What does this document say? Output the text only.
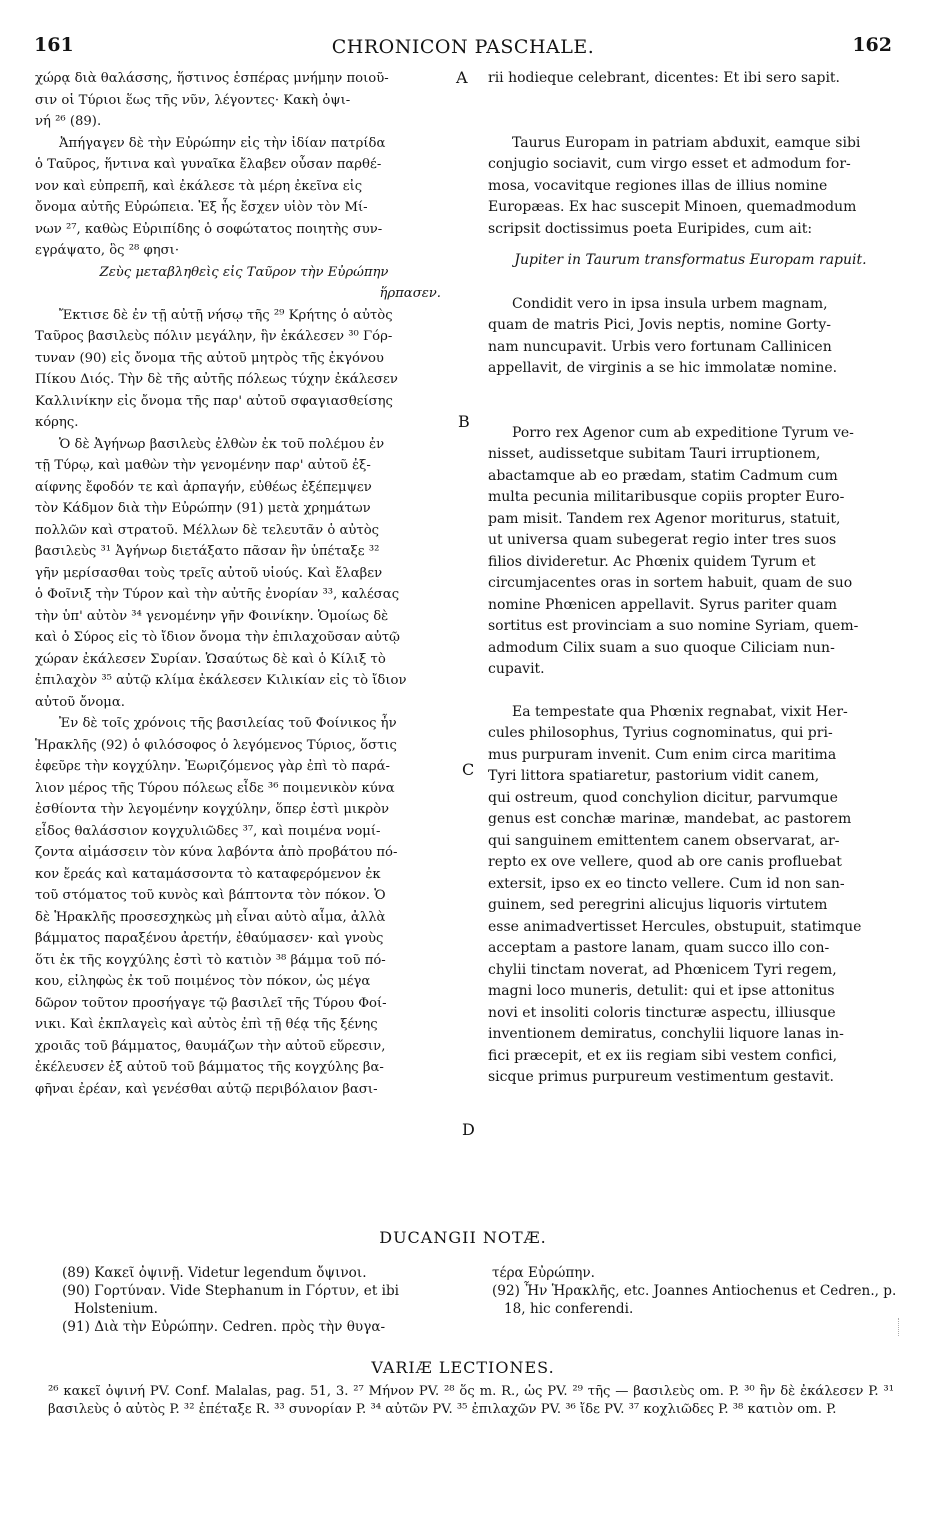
161	CHRONICON PASCHALE.	162

χώρᾳ διὰ θαλάσσης, ἥστινος ἑσπέρας μνήμην ποιοῦ-

σιν οἱ Τύριοι ἕως τῆς νῦν, λέγοντες· Κακὴ ὀψι-

νή ²⁶ (89).

Ἀπήγαγεν δὲ τὴν Εὐρώπην εἰς τὴν ἰδίαν πατρίδα

ὁ Ταῦρος, ἥντινα καὶ γυναῖκα ἔλαβεν οὖσαν παρθέ-

νον καὶ εὐπρεπῆ, καὶ ἐκάλεσε τὰ μέρη ἐκεῖνα εἰς

ὄνομα αὐτῆς Εὐρώπεια. Ἐξ ἧς ἔσχεν υἱὸν τὸν Μί-

νων ²⁷, καθὼς Εὐριπίδης ὁ σοφώτατος ποιητὴς συν-

εγράψατο, ὃς ²⁸ φησι·

Ζεὺς μεταβληθεὶς εἰς Ταῦρον τὴν Εὐρώπην

ἥρπασεν.

Ἔκτισε δὲ ἐν τῇ αὐτῇ νήσῳ τῆς ²⁹ Κρήτης ὁ αὐτὸς

Ταῦρος βασιλεὺς πόλιν μεγάλην, ἣν ἐκάλεσεν ³⁰ Γόρ-

τυναν (90) εἰς ὄνομα τῆς αὐτοῦ μητρὸς τῆς ἐκγόνου

Πίκου Διός. Τὴν δὲ τῆς αὐτῆς πόλεως τύχην ἐκάλεσεν

Καλλινίκην εἰς ὄνομα τῆς παρ' αὐτοῦ σφαγιασθείσης

κόρης.

Ὁ δὲ Ἀγήνωρ βασιλεὺς ἐλθὼν ἐκ τοῦ πολέμου ἐν

τῇ Τύρῳ, καὶ μαθὼν τὴν γενομένην παρ' αὐτοῦ ἐξ-

αίφνης ἔφοδόν τε καὶ ἁρπαγήν, εὐθέως ἐξέπεμψεν

τὸν Κάδμον διὰ τὴν Εὐρώπην (91) μετὰ χρημάτων

πολλῶν καὶ στρατοῦ. Μέλλων δὲ τελευτᾶν ὁ αὐτὸς

βασιλεὺς ³¹ Ἀγήνωρ διετάξατο πᾶσαν ἣν ὑπέταξε ³²

γῆν μερίσασθαι τοὺς τρεῖς αὐτοῦ υἱούς. Καὶ ἔλαβεν

ὁ Φοῖνιξ τὴν Τύρον καὶ τὴν αὐτῆς ἐνορίαν ³³, καλέσας

τὴν ὑπ' αὐτὸν ³⁴ γενομένην γῆν Φοινίκην. Ὁμοίως δὲ

καὶ ὁ Σύρος εἰς τὸ ἴδιον ὄνομα τὴν ἐπιλαχοῦσαν αὐτῷ

χώραν ἐκάλεσεν Συρίαν. Ὡσαύτως δὲ καὶ ὁ Κίλιξ τὸ

ἐπιλαχὸν ³⁵ αὐτῷ κλίμα ἐκάλεσεν Κιλικίαν εἰς τὸ ἴδιον

αὐτοῦ ὄνομα.

Ἐν δὲ τοῖς χρόνοις τῆς βασιλείας τοῦ Φοίνικος ἦν

Ἡρακλῆς (92) ὁ φιλόσοφος ὁ λεγόμενος Τύριος, ὅστις

ἐφεῦρε τὴν κογχύλην. Ἐωριζόμενος γὰρ ἐπὶ τὸ παρά-

λιον μέρος τῆς Τύρου πόλεως εἶδε ³⁶ ποιμενικὸν κύνα

ἐσθίοντα τὴν λεγομένην κογχύλην, ὅπερ ἐστὶ μικρὸν

εἶδος θαλάσσιον κογχυλιῶδες ³⁷, καὶ ποιμένα νομί-

ζοντα αἱμάσσειν τὸν κύνα λαβόντα ἀπὸ προβάτου πό-

κον ἔρεάς καὶ καταμάσσοντα τὸ καταφερόμενον ἐκ

τοῦ στόματος τοῦ κυνὸς καὶ βάπτοντα τὸν πόκον. Ὁ

δὲ Ἡρακλῆς προσεσχηκὼς μὴ εἶναι αὐτὸ αἷμα, ἀλλὰ

βάμματος παραξένου ἀρετήν, ἐθαύμασεν· καὶ γνοὺς

ὅτι ἐκ τῆς κογχύλης ἐστὶ τὸ κατιὸν ³⁸ βάμμα τοῦ πό-

κου, εἰληφὼς ἐκ τοῦ ποιμένος τὸν πόκον, ὡς μέγα

δῶρον τοῦτον προσήγαγε τῷ βασιλεῖ τῆς Τύρου Φοί-

νικι. Καὶ ἐκπλαγεὶς καὶ αὐτὸς ἐπὶ τῇ θέᾳ τῆς ξένης

χροιᾶς τοῦ βάμματος, θαυμάζων τὴν αὐτοῦ εὕρεσιν,

ἐκέλευσεν ἐξ αὐτοῦ τοῦ βάμματος τῆς κογχύλης βα-

φῆναι ἐρέαν, καὶ γενέσθαι αὐτῷ περιβόλαιον βασι-

A
B
C
D

rii hodieque celebrant, dicentes: Et ibi sero sapit.

Taurus Europam in patriam abduxit, eamque sibi

conjugio sociavit, cum virgo esset et admodum for-

mosa, vocavitque regiones illas de illius nomine

Europæas. Ex hac suscepit Minoen, quemadmodum

scripsit doctissimus poeta Euripides, cum ait:

Jupiter in Taurum transformatus Europam rapuit.

Condidit vero in ipsa insula urbem magnam,

quam de matris Pici, Jovis neptis, nomine Gorty-

nam nuncupavit. Urbis vero fortunam Callinicen

appellavit, de virginis a se hic immolatæ nomine.

Porro rex Agenor cum ab expeditione Tyrum ve-

nisset, audissetque subitam Tauri irruptionem,

abactamque ab eo prædam, statim Cadmum cum

multa pecunia militaribusque copiis propter Euro-

pam misit. Tandem rex Agenor moriturus, statuit,

ut universa quam subegerat regio inter tres suos

filios divideretur. Ac Phœnix quidem Tyrum et

circumjacentes oras in sortem habuit, quam de suo

nomine Phœnicen appellavit. Syrus pariter quam

sortitus est provinciam a suo nomine Syriam, quem-

admodum Cilix suam a suo quoque Ciliciam nun-

cupavit.

Ea tempestate qua Phœnix regnabat, vixit Her-

cules philosophus, Tyrius cognominatus, qui pri-

mus purpuram invenit. Cum enim circa maritima

Tyri littora spatiaretur, pastorium vidit canem,

qui ostreum, quod conchylion dicitur, parvumque

genus est conchæ marinæ, mandebat, ac pastorem

qui sanguinem emittentem canem observarat, ar-

repto ex ove vellere, quod ab ore canis profluebat

extersit, ipso ex eo tincto vellere. Cum id non san-

guinem, sed peregrini alicujus liquoris virtutem

esse animadvertisset Hercules, obstupuit, statimque

acceptam a pastore lanam, quam succo illo con-

chylii tinctam noverat, ad Phœnicem Tyri regem,

magni loco muneris, detulit: qui et ipse attonitus

novi et insoliti coloris tincturæ aspectu, illiusque

inventionem demiratus, conchylii liquore lanas in-

fici præcepit, et ex iis regiam sibi vestem confici,

sicque primus purpureum vestimentum gestavit.

DUCANGII NOTÆ.

(89) Κακεῖ ὀψινῇ. Videtur legendum ὄψινοι.

(90) Γορτύναν. Vide Stephanum in Γόρτυν, et ibi Holstenium.

(91) Διὰ τὴν Εὐρώπην. Cedren. πρὸς τὴν θυγα-

τέρα Εὐρώπην.

(92) Ἦν Ἡρακλῆς, etc. Joannes Antiochenus et Cedren., p. 18, hic conferendi.

VARIÆ LECTIONES.

²⁶ κακεῖ ὀψινή PV. Conf. Malalas, pag. 51, 3. ²⁷ Μήνον PV. ²⁸ ὅς m. R., ὡς PV. ²⁹ τῆς — βασιλεὺς om. P. ³⁰ ἣν δὲ ἐκάλεσεν P. ³¹ βασιλεὺς ὁ αὐτὸς P. ³² ἐπέταξε R. ³³ συνορίαν P. ³⁴ αὐτῶν PV. ³⁵ ἐπιλαχῶν PV. ³⁶ ἴδε PV. ³⁷ κοχλιῶδες P. ³⁸ κατιὸν om. P.
